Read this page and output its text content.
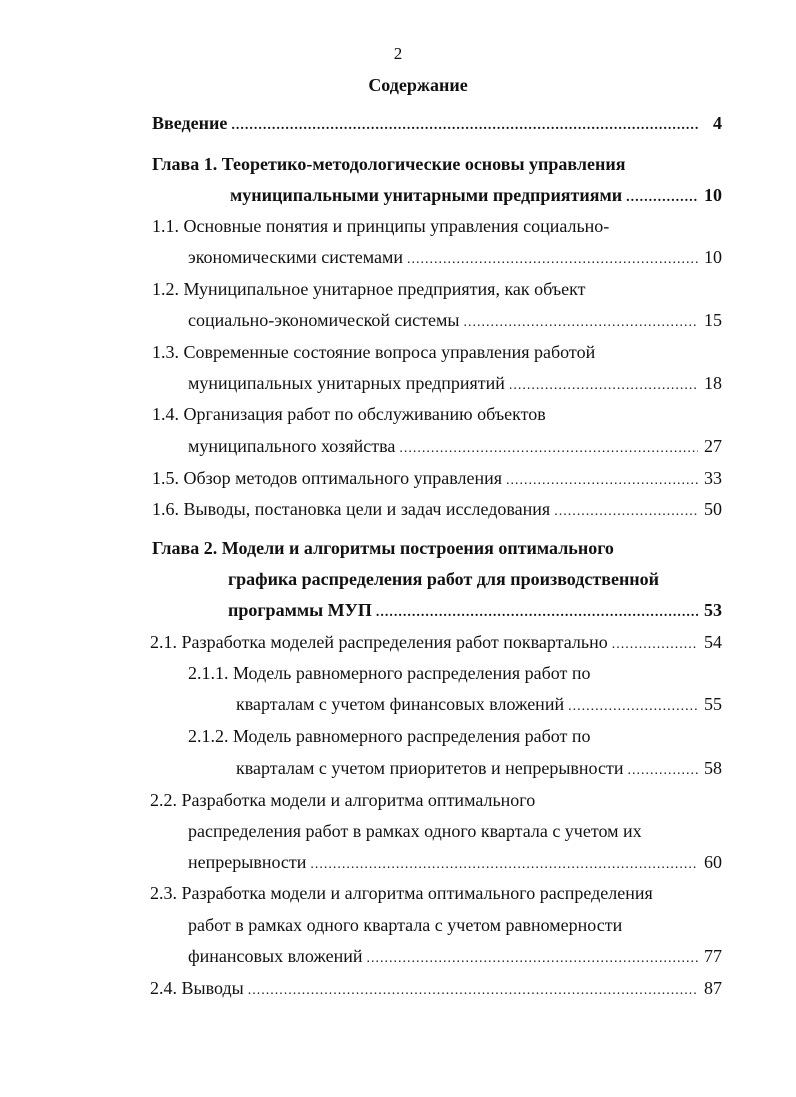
2
Содержание
Введение .....	4
Глава 1. Теоретико-методологические основы управления
муниципальными унитарными предприятиями .....	10
1.1. Основные понятия и принципы управления социально-
экономическими системами .....	10
1.2. Муниципальное унитарное предприятия, как объект
социально-экономической системы .....	15
1.3. Современные состояние вопроса управления работой
муниципальных унитарных предприятий .....	18
1.4. Организация работ по обслуживанию объектов
муниципального хозяйства .....	27
1.5. Обзор методов оптимального управления .....	33
1.6. Выводы, постановка цели и задач исследования .....	50
Глава 2. Модели и алгоритмы построения оптимального
графика распределения работ для производственной
программы МУП .....	53
2.1. Разработка моделей распределения работ поквартально .....	54
2.1.1. Модель равномерного распределения работ по
кварталам с учетом финансовых вложений .....	55
2.1.2. Модель равномерного распределения работ по
кварталам с учетом приоритетов и непрерывности .....	58
2.2. Разработка модели и алгоритма оптимального
распределения работ в рамках одного квартала с учетом их
непрерывности .....	60
2.3. Разработка модели и алгоритма оптимального распределения
работ в рамках одного квартала с учетом равномерности
финансовых вложений .....	77
2.4. Выводы .....	87
